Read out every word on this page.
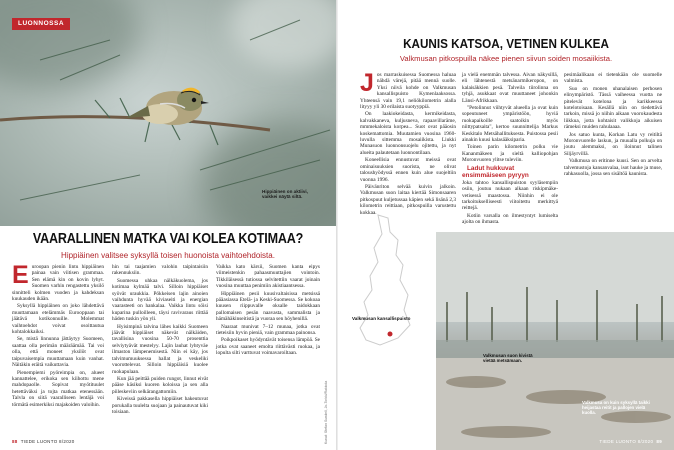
LUONNOSSA
Hippiäinen on aktiivi, vaikkei näytä siltä.
VAARALLINEN MATKA VAI KOLEA KOTIMAA?
Hippiäinen valitsee syksyllä toisen huonoista vaihtoehdoista.

Euroopan pienin lintu hippiäinen painaa vain viitisen grammaa. Sen elämä kin on kovin lyhyt. Suomen varhin rengastettu yksilö sinnitteli kolmen vuoden ja kahdeksan kuukauden ikään.

Syksyllä hippiäinen on joko lähdettävä muuttamaan etelämmäs Eurooppaan tai jäätävä kotikonnuille. Molemmat vaihtoehdot voivat osoittautua kohtalokkaiksi.

Se, mistä linnunna jättäytyy Suomeen, saattaa olla perimän määräämää. Tai voi olla, että moneet yksilöt ovat taipuvaisempia muuttamaan kuin vanhat. Näitäkin eräitä vaikuttavia.

Pienempiemi pyöreimpia on, alueet kannattelee, erikoka sen kiihottu mene mahdopaolle. Sopivat myötituulet hetettäväksi ja tojta matkaa etenessään. Talvla on siitä vaaralliseen lentäjä voi törmätä esimerkiksi majakoiden valoihin.

hin tai taajamien valohin taipintaisiin rakennuksiin.

Suomessa uhkaa nälkäkuolema, jos kotimaa kylmää talvi. Silloin hippiäiset syövät uraukkia. Pökkeisen lajin ainoien vaihdunta hyvää kiviaseiti ja energian vaarasteeti on hankalaa. Vaikka lintu söisi kuparina pulloilleen, täysi ravivaraus riittää häden tuskin yön yli.

Hyisimpinä talvina lähes kaikki Suomeen jäävät hippiäiset näkevät nälkäiden, tavallisina vuosina 50-70 prosenttia selviytyävät mestelyy. Lajin lauhat lyhtyväe ilmaston lämpenemisestä. Niin ei käy, jos talvimumuuksessa hallat ja veskeliki vuorottelevat. Silloin hippiäisiä kuolee ruokapulaan.

Kun jää peittää puiden rungot, linnut eivät pääse käsiksi kuoren koloissa ja sen alla piileskeviin selkärangattomiin.

Kiveissä pakkasella hippiäiset hakeutuvat porukalla tuulelta suojaan ja painautuvat kiki toisiaan.

Vaikka kato kärsii, Suomen kanta eipys viimeistenkin pahaasmuuttajien vointoin. Tikkiläisessä tutiossa selvitettiin vaarat joinain vuosina muuttaa penimiin akistiaantsessa.

Hippiäinen pesii kuusivaltaisissa metsissä pääasiassa Etelä- ja Keski-Suomessa. Se kokoaa kuusen riippuvalle oksalle taidokkaan pallomaisen pesän naavasta, sammalista ja hämähäkinseitistä ja vuoraa sen höyhenillä.

Naaraat munivat 7–12 munaa, jotka ovat tieteisiin hyvin pieniä, vain grammaa painonsa.

Poikpoikaset hyödyntävät toisensa lämpöä. Se jotka ovat saaneet emolta riittävästi ruokaa, ja lopulta silti varttuvat voimavaroiltaan.

Kuvat: Stefan Sundell, Jo-Torkki/Rakkola
88 TIEDE LUONTO 8/2020
KAUNIS KATSOA, VETINEN KULKEA
Valkmusan pitkospuilla näkee pienen siivun soiden mosaiikista.

Jos marraskuisessa Suomessa haluaa nähdä värejä, pitää mennä suolle. Yksi niivä kohde on Valkmusan kansallispuisto Kymenlaaksossa. Yhteensä vain 19,1 neliökilometrin alalla lityyy yli 30 erilaista suotyyppiä.

On laakiokeidasta, kermikeidasta, kalvakkaneva, kuljusneva, rapaavillaräme, mmmekaloista korpea... Suot ovat pääosin koskemattomia. Muutamien vuosina 1960-luvulla sittemma mosaiikista. Liukki Munasuon luonnonsuojelu ojitettu, ja nyt alueita palautetaan luonnontilaan.

Koneellisia ennustuvat meissä ovat ominaisuuksien suorista, ne olivat taloushyödyssä ennen kuin alue suojeltiin vuonna 1996.

Päivänriton selvää kuivin jalkoin. Valkmusan suon laitaa kiertää Simonsaaren pitkospuut kuljetussaa käpien sekä lisänä 2,3 kilometrin reittiaan, pitkospuilla varustettu kokkaa.

ja vielä enemmän talvessa. Aivan näkysillä, eli lähtenestä metsänarmikeropon, on kalaisäkkien pesä. Talveila tiirolinna on tyhjä, asukkaat ovat muuttaneet johonkin Länsi-Afrikkaan.

"Petolinnut viihtyvät alueella ja ovat kuin sopeutuneet ympäristöön, hyviä ruokapaikoille saatoikin myös niittypatsaita", kertoo suunnittelija Markus Keskitalo Metsähallituksesta. Puistossa pesii ainakin kuusi kalasääksiparia.

Toinen parin kilometrin polku vie Kananmäkeen ja sieltä kalliopohjan Moronvuoren ylitse tuleviin.

Ladut hukkuvat ensimmäiseen pyryyn

Joka tahtoo kansallispuiston syyläsempiin osiin, joutuu nukaan alkaan riskipmäke- vetisessä maastossa. Niinhin ei ole tarkoitukselliseesti viitoitettu merkittyä reittejä.

Kotiin varsalla on ilmestyntyt lumiselta ajolta on ihmasta.

pesimäalikaan ei tietenkään ole suomelle valmista.

Suo on monen uhanalaisen perhosen elinympäristö. Tässä vaiheessa vuotta ne pitelevät kotelona ja karikkeessa kotelotoisaan. Kesällä niin on tiedettävä tarkoin, missä jo niihin aikaan vuorokaudesta liikkua, jotta kohtaisit valikkoja aikuisen rämeksi muiden rahulaaaa.

Jos satuo kunta, Korkan Latu vy reitiltä Moronvuorelle laskun, ja muualla polkuja on joutu alemmaksi, on iloinnut talinen Siljäyrvillä.

Valkmusa on eritinne kuusi. Sen on arvelta talvemustoja kansanvalaa, isot hauke ja muse, rahkasuolla, jossa sen sisältöä kaunista.

Valkmusan kansallispuisto
Valkmusan suon kivistä vietää metsämaan.
Valkmusa on kuin syksyllä taikki heijastaa reitit ja pallojen vielä kuolla.
TIEDE LUONTO 8/2020 89
